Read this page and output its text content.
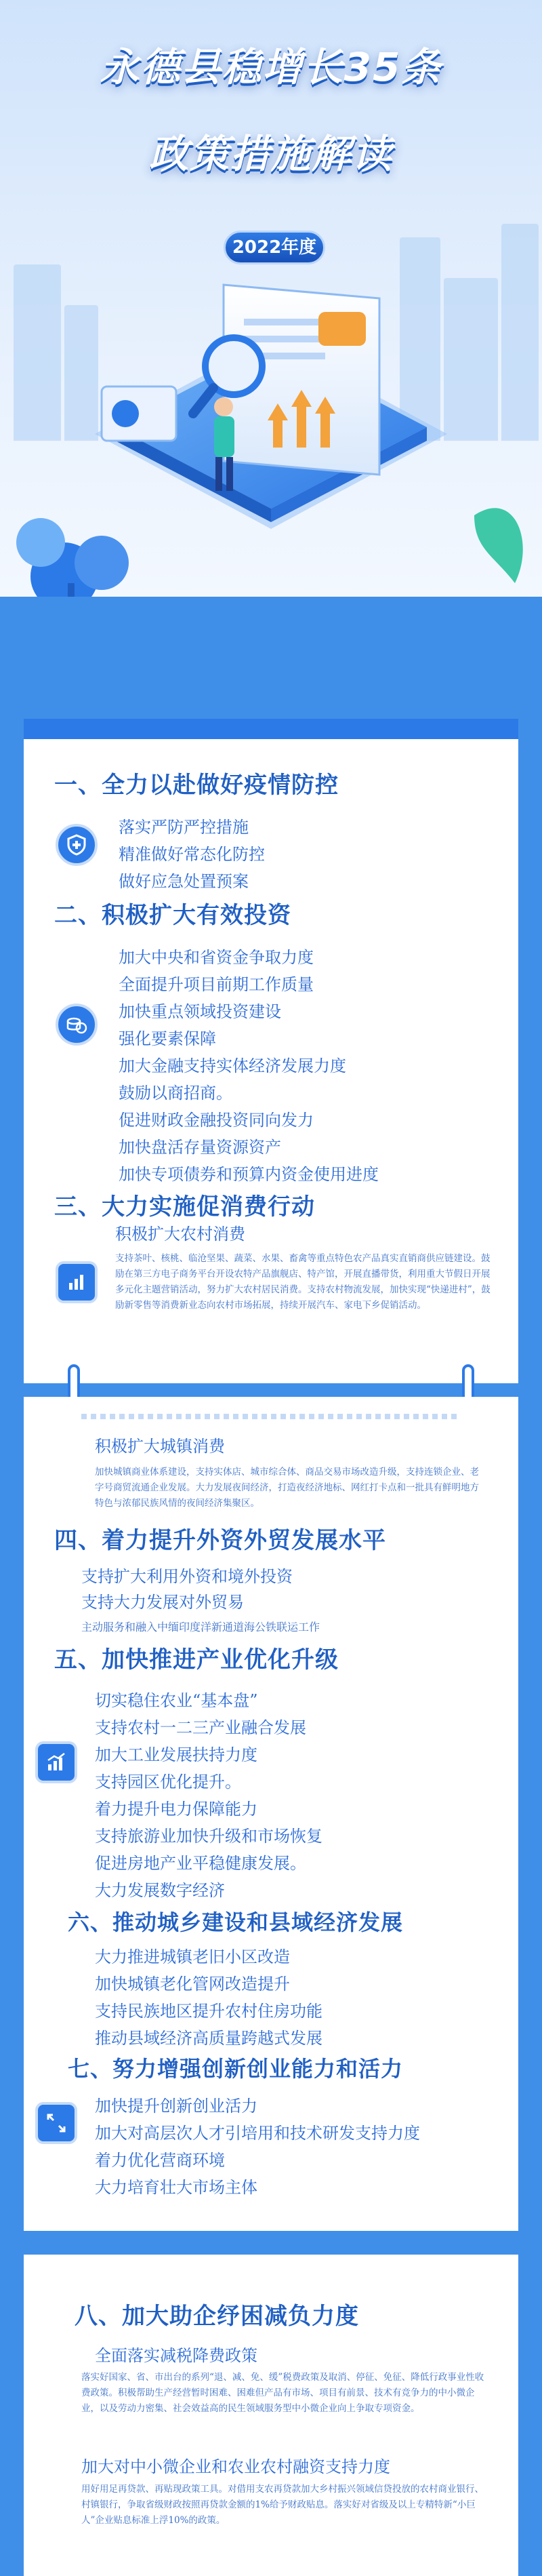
永德县稳增长35条
政策措施解读
2022年度
一、全力以赴做好疫情防控
落实严防严控措施
精准做好常态化防控
做好应急处置预案
二、积极扩大有效投资
加大中央和省资金争取力度
全面提升项目前期工作质量
加快重点领域投资建设
强化要素保障
加大金融支持实体经济发展力度
鼓励以商招商。
促进财政金融投资同向发力
加快盘活存量资源资产
加快专项债券和预算内资金使用进度
三、大力实施促消费行动
积极扩大农村消费
支持茶叶、核桃、临沧坚果、蔬菜、水果、畜禽等重点特色农产品真实直销商供应链建设。鼓励在第三方电子商务平台开设农特产品旗舰店、特产馆，开展直播带货，利用重大节假日开展多元化主题营销活动，努力扩大农村居民消费。支持农村物流发展，加快实现“快递进村”，鼓励新零售等消费新业态向农村市场拓展，持续开展汽车、家电下乡促销活动。
积极扩大城镇消费
加快城镇商业体系建设，支持实体店、城市综合体、商品交易市场改造升级，支持连锁企业、老字号商贸流通企业发展。大力发展夜间经济，打造夜经济地标、网红打卡点和一批具有鲜明地方特色与浓郁民族风情的夜间经济集聚区。
四、着力提升外资外贸发展水平
支持扩大利用外资和境外投资
支持大力发展对外贸易
主动服务和融入中缅印度洋新通道海公铁联运工作
五、加快推进产业优化升级
切实稳住农业“基本盘”
支持农村一二三产业融合发展
加大工业发展扶持力度
支持园区优化提升。
着力提升电力保障能力
支持旅游业加快升级和市场恢复
促进房地产业平稳健康发展。
大力发展数字经济
六、推动城乡建设和县域经济发展
大力推进城镇老旧小区改造
加快城镇老化管网改造提升
支持民族地区提升农村住房功能
推动县域经济高质量跨越式发展
七、努力增强创新创业能力和活力
加快提升创新创业活力
加大对高层次人才引培用和技术研发支持力度
着力优化营商环境
大力培育壮大市场主体
八、加大助企纾困减负力度
全面落实减税降费政策
落实好国家、省、市出台的系列“退、减、免、缓”税费政策及取消、停征、免征、降低行政事业性收费政策。积极帮助生产经营暂时困难、困难但产品有市场、项目有前景、技术有竞争力的中小微企业，以及劳动力密集、社会效益高的民生领域服务型中小微企业向上争取专项资金。
加大对中小微企业和农业农村融资支持力度
用好用足再贷款、再贴现政策工具。对借用支农再贷款加大乡村振兴领域信贷投放的农村商业银行、村镇银行，争取省级财政按照再贷款金额的1%给予财政贴息。落实好对省级及以上专精特新“小巨人”企业贴息标准上浮10%的政策。
